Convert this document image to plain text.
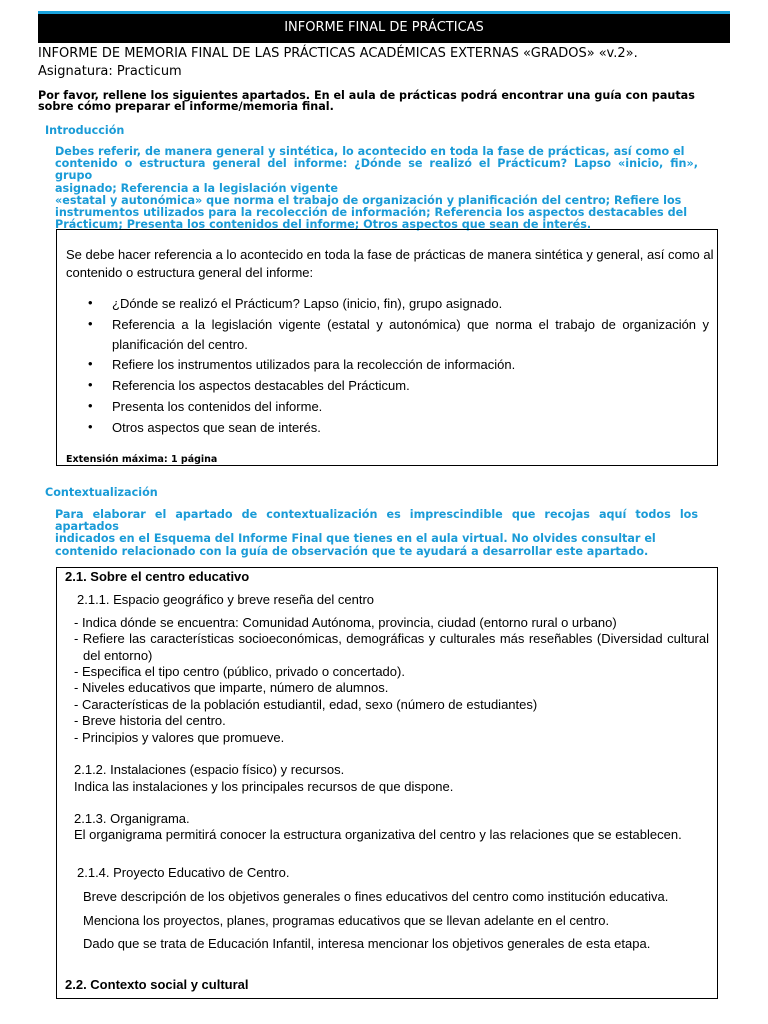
INFORME FINAL DE PRÁCTICAS
INFORME DE MEMORIA FINAL DE LAS PRÁCTICAS ACADÉMICAS EXTERNAS «GRADOS» «v.2».
Asignatura: Practicum
Por favor, rellene los siguientes apartados. En el aula de prácticas podrá encontrar una guía con pautas
sobre cómo preparar el informe/memoria final.
Introducción
Debes referir, de manera general y sintética, lo acontecido en toda la fase de prácticas, así como el
contenido o estructura general del informe: ¿Dónde se realizó el Prácticum? Lapso «inicio, fin», grupo
asignado; Referencia a la legislación vigente
«estatal y autonómica» que norma el trabajo de organización y planificación del centro; Refiere los
instrumentos utilizados para la recolección de información; Referencia los aspectos destacables del
Prácticum; Presenta los contenidos del informe; Otros aspectos que sean de interés.
Se debe hacer referencia a lo acontecido en toda la fase de prácticas de manera sintética y general, así como al
contenido o estructura general del informe:
• ¿Dónde se realizó el Prácticum? Lapso (inicio, fin), grupo asignado.
• Referencia a la legislación vigente (estatal y autonómica) que norma el trabajo de organización y
planificación del centro.
• Refiere los instrumentos utilizados para la recolección de información.
• Referencia los aspectos destacables del Prácticum.
• Presenta los contenidos del informe.
• Otros aspectos que sean de interés.
Extensión máxima: 1 página
Contextualización
Para elaborar el apartado de contextualización es imprescindible que recojas aquí todos los apartados
indicados en el Esquema del Informe Final que tienes en el aula virtual. No olvides consultar el
contenido relacionado con la guía de observación que te ayudará a desarrollar este apartado.
2.1. Sobre el centro educativo
2.1.1. Espacio geográfico y breve reseña del centro
- Indica dónde se encuentra: Comunidad Autónoma, provincia, ciudad (entorno rural o urbano)
- Refiere las características socioeconómicas, demográficas y culturales más reseñables (Diversidad cultural
del entorno)
- Especifica el tipo centro (público, privado o concertado).
- Niveles educativos que imparte, número de alumnos.
- Características de la población estudiantil, edad, sexo (número de estudiantes)
- Breve historia del centro.
- Principios y valores que promueve.
2.1.2. Instalaciones (espacio físico) y recursos.
Indica las instalaciones y los principales recursos de que dispone.
2.1.3. Organigrama.
El organigrama permitirá conocer la estructura organizativa del centro y las relaciones que se establecen.
2.1.4. Proyecto Educativo de Centro.
Breve descripción de los objetivos generales o fines educativos del centro como institución educativa.
Menciona los proyectos, planes, programas educativos que se llevan adelante en el centro.
Dado que se trata de Educación Infantil, interesa mencionar los objetivos generales de esta etapa.
2.2. Contexto social y cultural
